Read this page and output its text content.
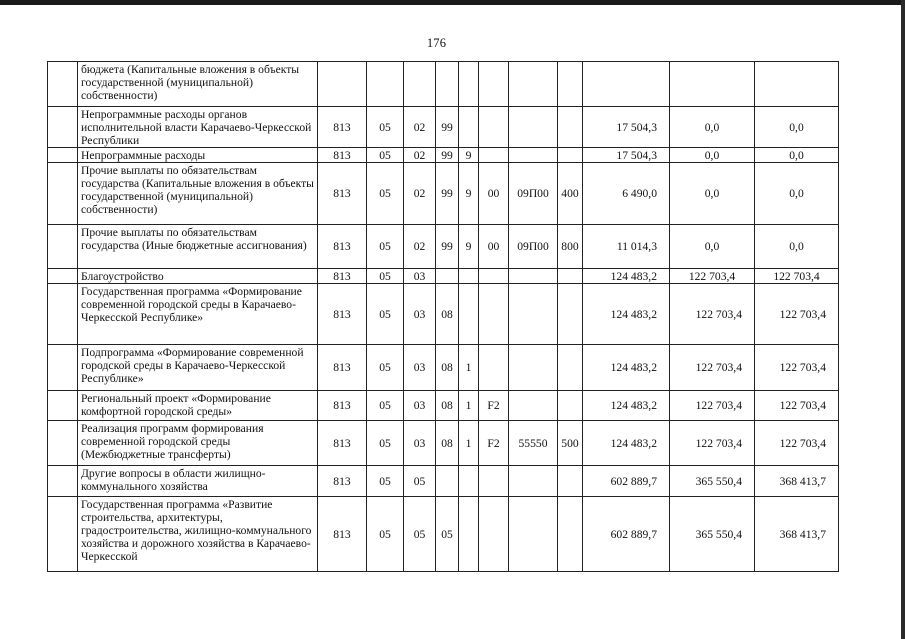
176
	бюджета (Капитальные вложения в объекты государственной (муниципальной) собственности)											
	Непрограммные расходы органов исполнительной власти Карачаево-Черкесской Республики	813	05	02	99					17 504,3	0,0	0,0
	Непрограммные расходы	813	05	02	99	9				17 504,3	0,0	0,0
	Прочие выплаты по обязательствам государства (Капитальные вложения в объекты государственной (муниципальной) собственности)	813	05	02	99	9	00	09П00	400	6 490,0	0,0	0,0
	Прочие выплаты по обязательствам государства (Иные бюджетные ассигнования)	813	05	02	99	9	00	09П00	800	11 014,3	0,0	0,0
	Благоустройство	813	05	03						124 483,2	122 703,4	122 703,4
	Государственная программа «Формирование современной городской среды в Карачаево-Черкесской Республике»	813	05	03	08					124 483,2	122 703,4	122 703,4
	Подпрограмма «Формирование современной городской среды в Карачаево-Черкесской Республике»	813	05	03	08	1				124 483,2	122 703,4	122 703,4
	Региональный проект «Формирование комфортной городской среды»	813	05	03	08	1	F2			124 483,2	122 703,4	122 703,4
	Реализация программ формирования современной городской среды (Межбюджетные трансферты)	813	05	03	08	1	F2	55550	500	124 483,2	122 703,4	122 703,4
	Другие вопросы в области жилищно-коммунального хозяйства	813	05	05						602 889,7	365 550,4	368 413,7
	Государственная программа «Развитие строительства, архитектуры, градостроительства, жилищно-коммунального хозяйства и дорожного хозяйства в Карачаево-Черкесской	813	05	05	05					602 889,7	365 550,4	368 413,7
